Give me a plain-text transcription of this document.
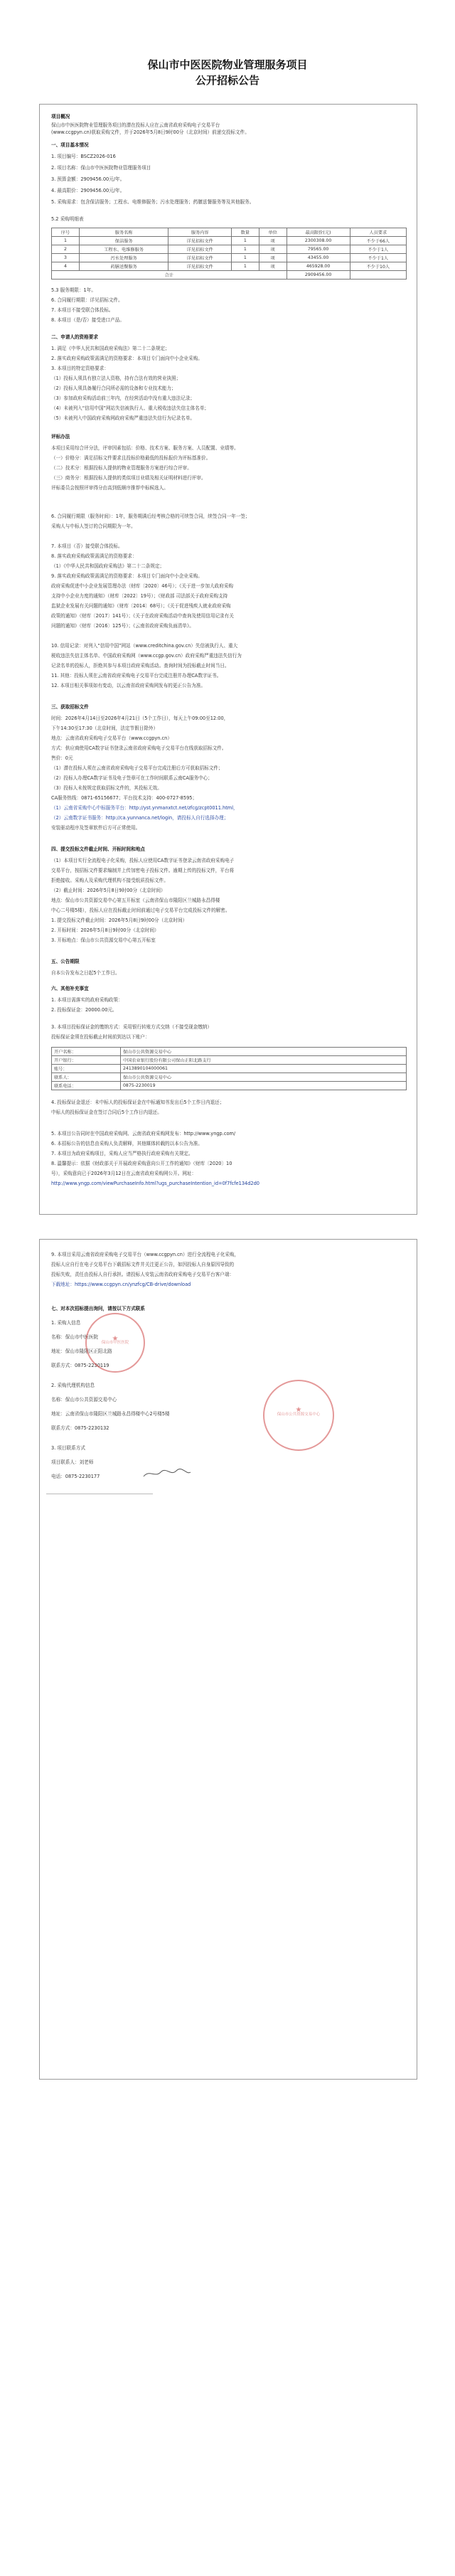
保山市中医医院物业管理服务项目
公开招标公告
项目概况
保山市中医医院物业管理服务项目的潜在投标人应在云南省政府采购电子交易平台
(www.ccgpyn.cn)获取采购文件，并于2026年5月8日9时00分（北京时间）前递交投标文件。
一、项目基本情况
1. 项目编号：BSCZ2026-016
2. 项目名称：保山市中医医院物业管理服务项目
3. 预算金额：2909456.00元/年。
4. 最高限价：2909456.00元/年。
5. 采购需求：包含保洁服务；工程水、电维修服务；污水处理服务；药膳送餐服务等及其他服务。
5.2 采购明细表
序号	服务名称	服务内容	数量	单位	最高限价(元)	人员要求
1	保洁服务	详见招标文件	1	项	2300308.00	不少于66人
2	工程水、电维修服务	详见招标文件	1	项	79565.00	不少于1人
3	污水处理服务	详见招标文件	1	项	43455.00	不少于1人
4	药膳送餐服务	详见招标文件	1	项	465928.00	不少于10人
合计					2909456.00	
5.3 服务期限：1年。
6. 合同履行期限：详见招标文件。
7. 本项目不接受联合体投标。
8. 本项目（是/否）接受进口产品。
二、申请人的资格要求
1. 满足《中华人民共和国政府采购法》第二十二条规定；
2. 落实政府采购政策需满足的资格要求：本项目专门面向中小企业采购。
3. 本项目的特定资格要求：
（1）投标人须具有独立法人资格，持有合法有效的营业执照；
（2）投标人须具备履行合同所必需的设备和专业技术能力；
（3）参加政府采购活动前三年内，在经营活动中没有重大违法记录；
（4）未被列入“信用中国”网站失信被执行人、重大税收违法失信主体名单；
（5）未被列入中国政府采购网政府采购严重违法失信行为记录名单。
评标办法
本项目采用综合评分法，评审因素包括：价格、技术方案、服务方案、人员配置、业绩等。
（一）价格分：满足招标文件要求且投标价格最低的投标报价为评标基准价。
（二）技术分：根据投标人提供的物业管理服务方案进行综合评审。
（三）商务分：根据投标人提供的类似项目业绩及相关证明材料进行评审。
评标委员会按照评审得分由高到低顺序推荐中标候选人。
6. 合同履行期限（服务时间）：1年，服务期满后经考核合格的可续签合同，续签合同一年一签；
采购人与中标人签订的合同期限为一年。
7. 本项目（否）接受联合体投标。
8. 落实政府采购政策需满足的资格要求：
（1）《中华人民共和国政府采购法》第二十二条规定；
9. 落实政府采购政策需满足的资格要求：本项目专门面向中小企业采购。
政府采购促进中小企业发展管理办法（财库〔2020〕46号）；《关于进一步加大政府采购
支持中小企业力度的通知》（财库〔2022〕19号）；《财政部 司法部关于政府采购支持
监狱企业发展有关问题的通知》（财库〔2014〕68号）；《关于促进残疾人就业政府采购
政策的通知》（财库〔2017〕141号）；《关于在政府采购活动中查询及使用信用记录有关
问题的通知》（财库〔2016〕125号）；《云南省政府采购负面清单》。
10. 信用记录：对列入“信用中国”网站（www.creditchina.gov.cn）失信被执行人、重大
税收违法失信主体名单、中国政府采购网（www.ccgp.gov.cn）政府采购严重违法失信行为
记录名单的投标人，拒绝其参与本项目政府采购活动。查询时间为投标截止时间当日。
11. 其他：投标人须在云南省政府采购电子交易平台完成注册并办理CA数字证书。
12. 本项目相关事项如有变动，以云南省政府采购网发布的更正公告为准。
三、获取招标文件
时间：2026年4月14日至2026年4月21日（5个工作日），每天上午09:00至12:00，
下午14:30至17:30（北京时间，法定节假日除外）
地点：云南省政府采购电子交易平台（www.ccgpyn.cn）
方式：供应商使用CA数字证书登录云南省政府采购电子交易平台在线获取招标文件。
售价：0元
（1）潜在投标人须在云南省政府采购电子交易平台完成注册后方可获取招标文件；
（2）投标人办理CA数字证书及电子签章可在工作时间联系云南CA服务中心；
（3）投标人未按规定获取招标文件的，其投标无效。
CA服务热线：0871-65156677；平台技术支持：400-0727-8595；
（1）云南省采购中心中标服务平台：http://yst.ynmanxtct.net/zfcg/zcpt0011.html，
（2）云南数字证书服务：http://ca.yunnanca.net/login，请投标人自行选择办理；
安装驱动程序及签章软件后方可正常使用。
四、提交投标文件截止时间、开标时间和地点
（1）本项目实行全流程电子化采购，投标人应使用CA数字证书登录云南省政府采购电子
交易平台，按招标文件要求编制并上传加密电子投标文件。逾期上传的投标文件，平台将
拒绝接收。采购人及采购代理机构不接受纸质投标文件。
（2）截止时间：2026年5月8日9时00分（北京时间）
地点：保山市公共资源交易中心第五开标室（云南省保山市隆阳区兰城路永昌得楼
中心二号楼5楼），投标人应在投标截止时间前通过电子交易平台完成投标文件的解密。
1. 提交投标文件截止时间：2026年5月8日9时00分（北京时间）
2. 开标时间：2026年5月8日9时00分（北京时间）
3. 开标地点：保山市公共资源交易中心第五开标室
五、公告期限
自本公告发布之日起5个工作日。
六、其他补充事宜
1. 本项目需落实的政府采购政策：
2. 投标保证金：20000.00元。
3. 本项目投标保证金的缴纳方式：采用银行转账方式交纳（不接受现金缴纳）
投标保证金须在投标截止时间前到达以下账户：
开户名称：	保山市公共资源交易中心
开户银行：	中国农业银行股份有限公司保山正阳北路支行
账号：	2413890104000061
联系人：	保山市公共资源交易中心
联系电话：	0875-2230019
4. 投标保证金退还：未中标人的投标保证金在中标通知书发出后5个工作日内退还；
中标人的投标保证金在签订合同后5个工作日内退还。
5. 本项目公告同时在中国政府采购网、云南省政府采购网发布：http://www.yngp.com/
6. 本招标公告的信息由采购人负责解释，其他媒体转载的以本公告为准。
7. 本项目为政府采购项目，采购人应当严格执行政府采购有关规定。
8. 温馨提示：依据《财政部关于开展政府采购意向公开工作的通知》（财库〔2020〕10
号），采购意向已于2026年3月12日在云南省政府采购网公开。网址：
http://www.yngp.com/viewPurchaseInfo.html?ugs_purchaseIntention_id=0f7fcfe134d2d0
9. 本项目采用云南省政府采购电子交易平台（www.ccgpyn.cn）进行全流程电子化采购，
投标人应自行在电子交易平台下载招标文件并关注更正公告，如因投标人自身原因导致的
投标失败，责任由投标人自行承担。请投标人安装云南省政府采购电子交易平台客户端：
下载地址：https://www.ccgpyn.cn/ynzfcg/CB-drive/download
七、对本次招标提出询问，请按以下方式联系
1. 采购人信息
名称：保山市中医医院
地址：保山市隆阳区正阳北路
联系方式：0875-2230119
2. 采购代理机构信息
名称：保山市公共资源交易中心
地址：云南省保山市隆阳区兰城路永昌得楼中心2号楼5楼
联系方式：0875-2230132
3. 项目联系方式
项目联系人：刘老师
电话：0875-2230177
★
保山市中医医院
★
保山市公共资源交易中心
